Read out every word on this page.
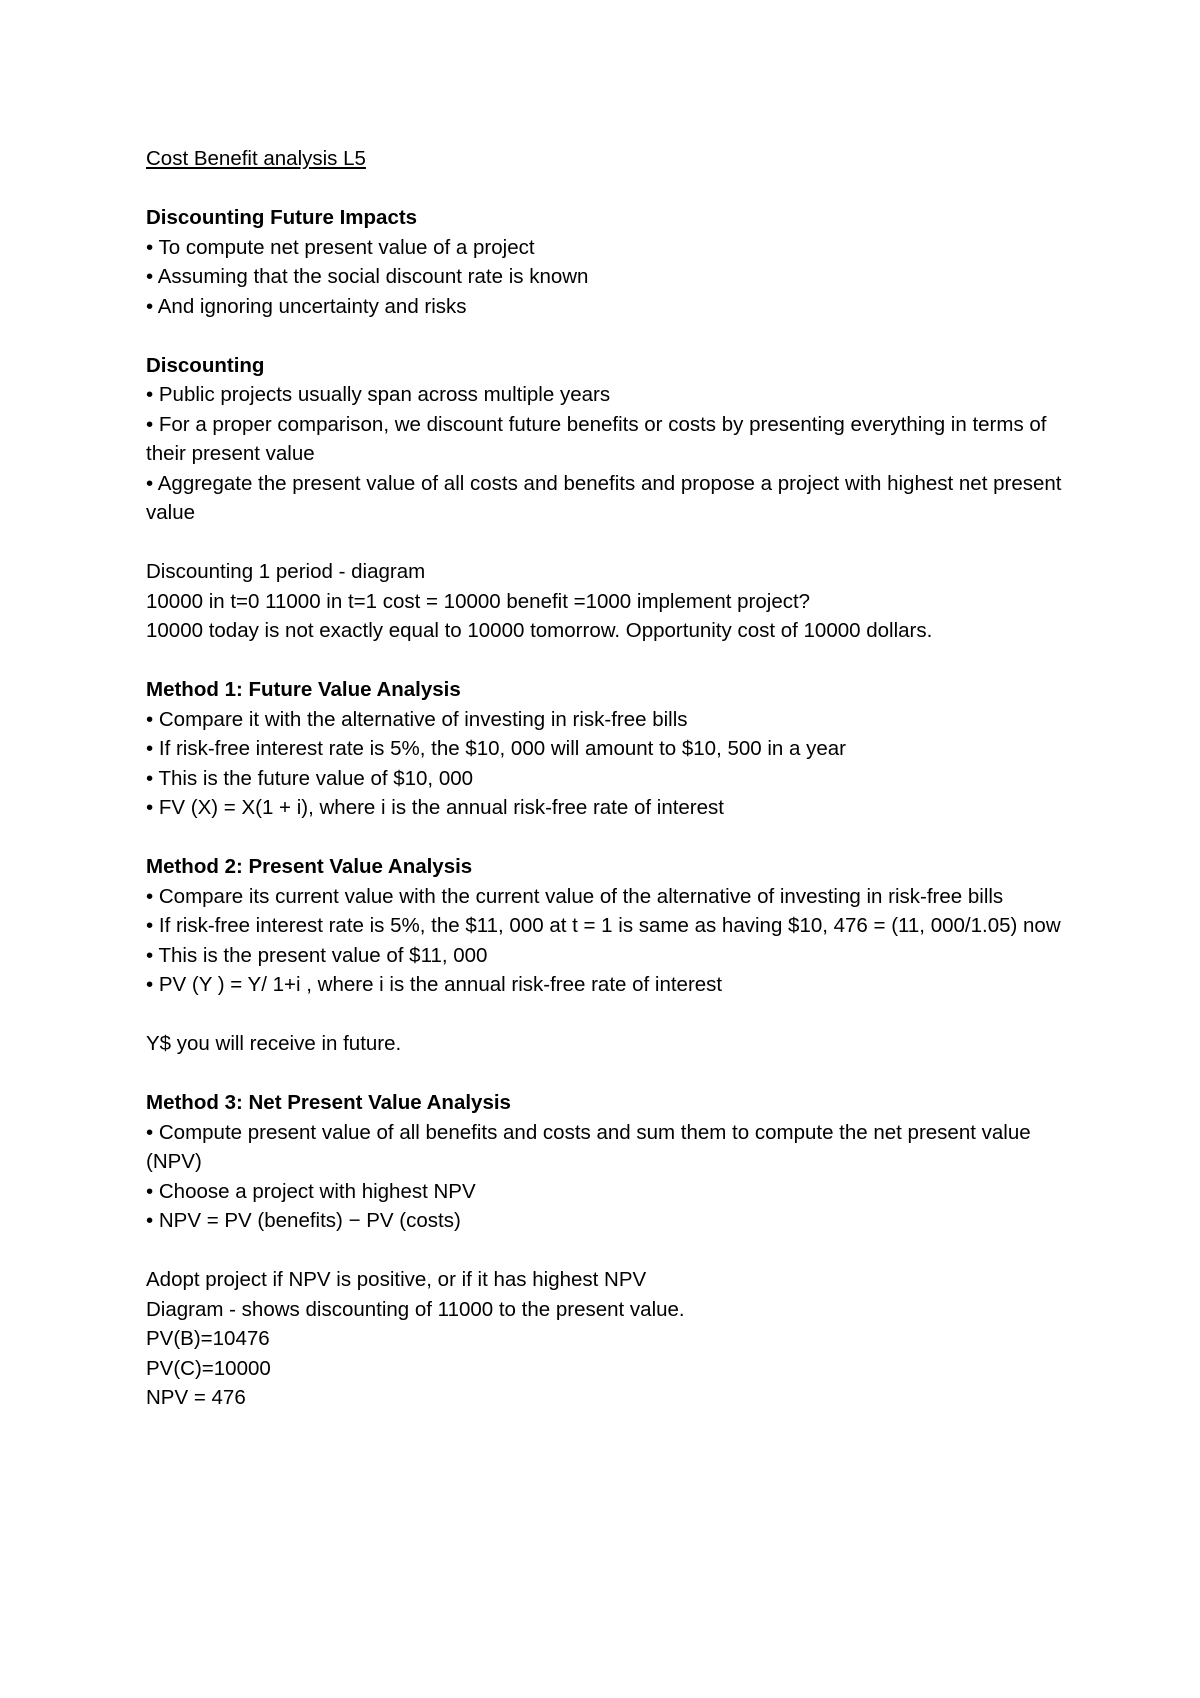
Cost Benefit analysis L5
Discounting Future Impacts
• To compute net present value of a project
• Assuming that the social discount rate is known
• And ignoring uncertainty and risks
Discounting
• Public projects usually span across multiple years
• For a proper comparison, we discount future benefits or costs by presenting everything in terms of their present value
• Aggregate the present value of all costs and benefits and propose a project with highest net present value
Discounting 1 period - diagram
10000 in t=0 11000 in t=1 cost = 10000 benefit =1000 implement project?
10000 today is not exactly equal to 10000 tomorrow. Opportunity cost of 10000 dollars.
Method 1: Future Value Analysis
• Compare it with the alternative of investing in risk-free bills
• If risk-free interest rate is 5%, the $10, 000 will amount to $10, 500 in a year
• This is the future value of $10, 000
• FV (X) = X(1 + i), where i is the annual risk-free rate of interest
Method 2: Present Value Analysis
• Compare its current value with the current value of the alternative of investing in risk-free bills
• If risk-free interest rate is 5%, the $11, 000 at t = 1 is same as having $10, 476 = (11, 000/1.05) now
• This is the present value of $11, 000
• PV (Y ) = Y/ 1+i , where i is the annual risk-free rate of interest
Y$ you will receive in future.
Method 3: Net Present Value Analysis
• Compute present value of all benefits and costs and sum them to compute the net present value (NPV)
• Choose a project with highest NPV
• NPV = PV (benefits) − PV (costs)
Adopt project if NPV is positive, or if it has highest NPV
Diagram - shows discounting of 11000 to the present value.
PV(B)=10476
PV(C)=10000
NPV = 476
